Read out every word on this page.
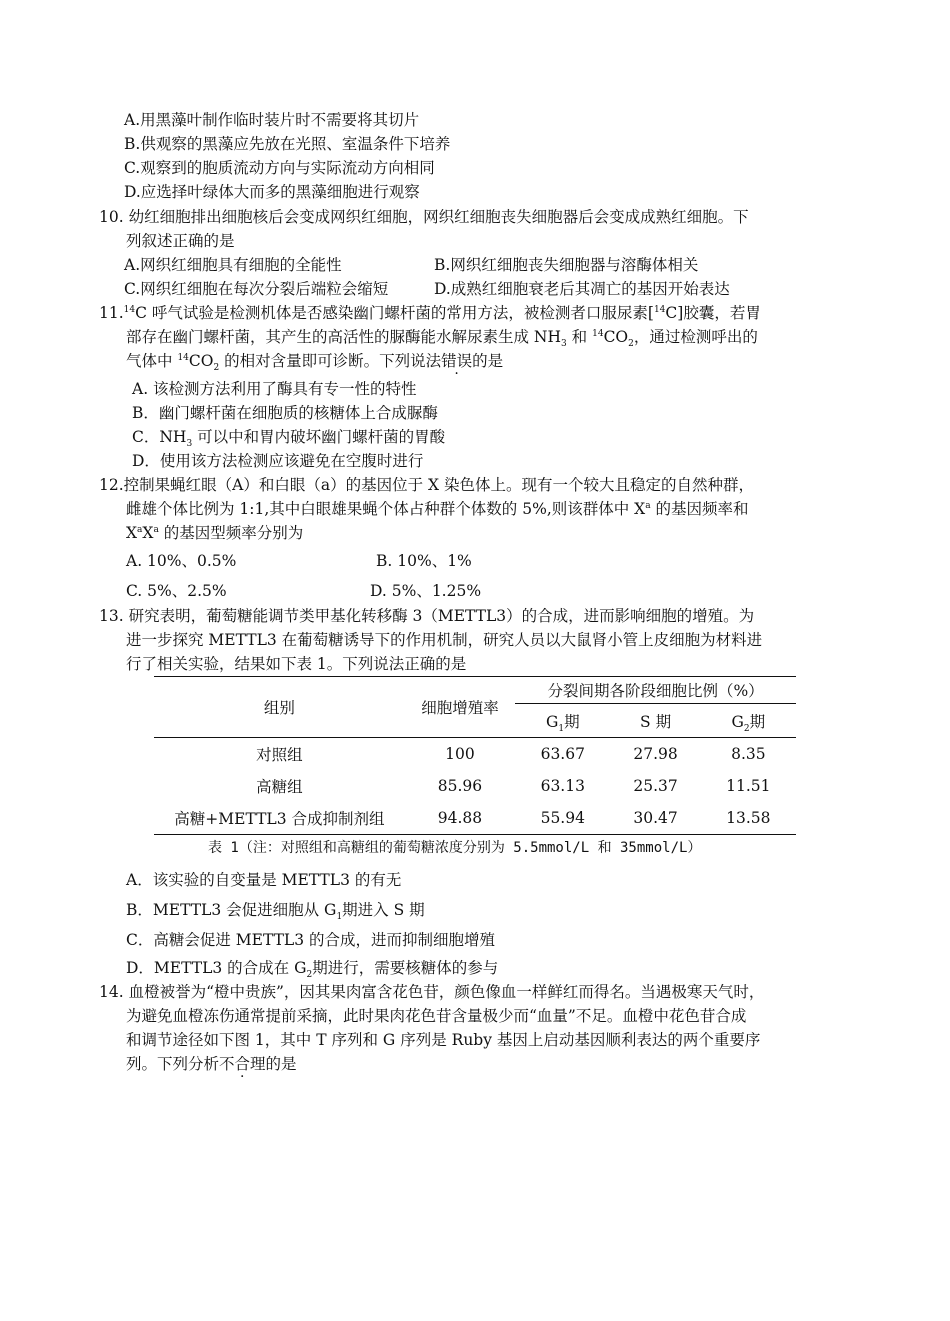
A.用黑藻叶制作临时装片时不需要将其切片
B.供观察的黑藻应先放在光照、室温条件下培养
C.观察到的胞质流动方向与实际流动方向相同
D.应选择叶绿体大而多的黑藻细胞进行观察
10. 幼红细胞排出细胞核后会变成网织红细胞，网织红细胞丧失细胞器后会变成成熟红细胞。下
列叙述正确的是
A.网织红细胞具有细胞的全能性	B.网织红细胞丧失细胞器与溶酶体相关
C.网织红细胞在每次分裂后端粒会缩短	D.成熟红细胞衰老后其凋亡的基因开始表达
11.14C 呼气试验是检测机体是否感染幽门螺杆菌的常用方法，被检测者口服尿素[$^{14}$C]胶囊，若胃
部存在幽门螺杆菌，其产生的高活性的脲酶能水解尿素生成 $NH_3$ 和 $^{14}CO_2$，通过检测呼出的
气体中 $^{14}CO_2$ 的相对含量即可诊断。下列说法错误的是
A. 该检测方法利用了酶具有专一性的特性
B．幽门螺杆菌在细胞质的核糖体上合成脲酶
C．$NH_3$ 可以中和胃内破坏幽门螺杆菌的胃酸
D．使用该方法检测应该避免在空腹时进行
12.控制果蝇红眼（A）和白眼（a）的基因位于 X 染色体上。现有一个较大且稳定的自然种群，
雌雄个体比例为 1:1,其中白眼雄果蝇个体占种群个体数的 5%,则该群体中 $X^a$ 的基因频率和
$X^aX^a$ 的基因型频率分别为
A. 10%、0.5%	B. 10%、1%
C. 5%、2.5%	D. 5%、1.25%
13. 研究表明，葡萄糖能调节类甲基化转移酶 3（METTL3）的合成，进而影响细胞的增殖。为
进一步探究 METTL3 在葡萄糖诱导下的作用机制，研究人员以大鼠肾小管上皮细胞为材料进
行了相关实验，结果如下表 1。下列说法正确的是
组别	细胞增殖率	分裂间期各阶段细胞比例（%）		
		$G_1$期	S 期	$G_2$期
对照组	100	63.67	27.98	8.35
高糖组	85.96	63.13	25.37	11.51
高糖+METTL3 合成抑制剂组	94.88	55.94	30.47	13.58
表 1（注：对照组和高糖组的葡萄糖浓度分别为 5.5mmol/L 和 35mmol/L）
A．该实验的自变量是 METTL3 的有无
B．METTL3 会促进细胞从 $G_1$期进入 S 期
C．高糖会促进 METTL3 的合成，进而抑制细胞增殖
D．METTL3 的合成在 $G_2$期进行，需要核糖体的参与
14. 血橙被誉为“橙中贵族”，因其果肉富含花色苷，颜色像血一样鲜红而得名。当遇极寒天气时，
为避免血橙冻伤通常提前采摘，此时果肉花色苷含量极少而“血量”不足。血橙中花色苷合成
和调节途径如下图 1，其中 T 序列和 G 序列是 Ruby 基因上启动基因顺利表达的两个重要序
列。下列分析不合理的是
